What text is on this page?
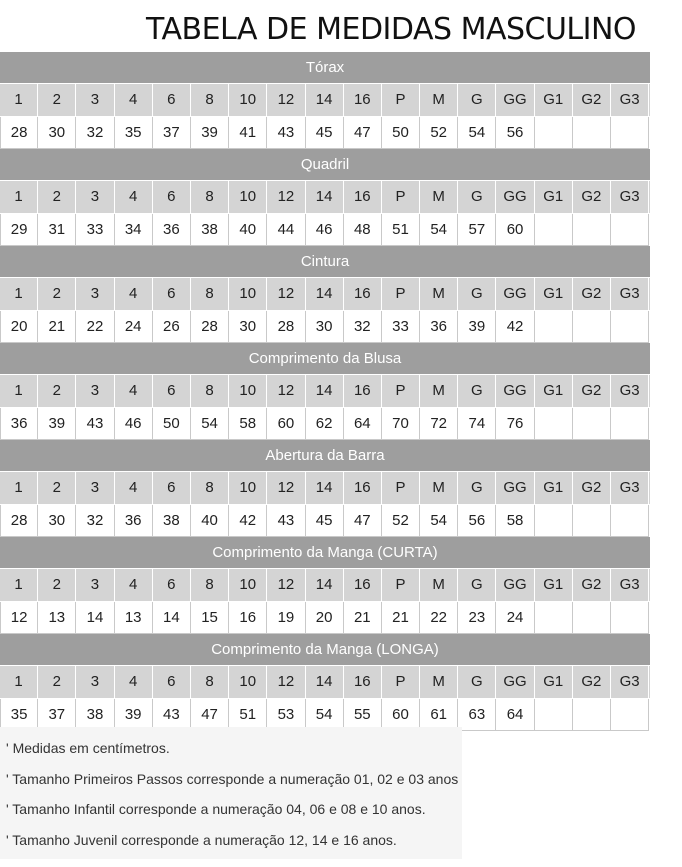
TABELA DE MEDIDAS MASCULINO
Tórax
1	2	3	4	6	8	10	12	14	16	P	M	G	GG	G1	G2	G3
28	30	32	35	37	39	41	43	45	47	50	52	54	56
Quadril
1	2	3	4	6	8	10	12	14	16	P	M	G	GG	G1	G2	G3
29	31	33	34	36	38	40	44	46	48	51	54	57	60
Cintura
1	2	3	4	6	8	10	12	14	16	P	M	G	GG	G1	G2	G3
20	21	22	24	26	28	30	28	30	32	33	36	39	42
Comprimento da Blusa
1	2	3	4	6	8	10	12	14	16	P	M	G	GG	G1	G2	G3
36	39	43	46	50	54	58	60	62	64	70	72	74	76
Abertura da Barra
1	2	3	4	6	8	10	12	14	16	P	M	G	GG	G1	G2	G3
28	30	32	36	38	40	42	43	45	47	52	54	56	58
Comprimento da Manga (CURTA)
1	2	3	4	6	8	10	12	14	16	P	M	G	GG	G1	G2	G3
12	13	14	13	14	15	16	19	20	21	21	22	23	24
Comprimento da Manga (LONGA)
1	2	3	4	6	8	10	12	14	16	P	M	G	GG	G1	G2	G3
35	37	38	39	43	47	51	53	54	55	60	61	63	64
' Medidas em centímetros.
' Tamanho Primeiros Passos corresponde a numeração 01, 02 e 03 anos
' Tamanho Infantil corresponde a numeração 04, 06 e 08 e 10 anos.
' Tamanho Juvenil corresponde a numeração 12, 14 e 16 anos.
